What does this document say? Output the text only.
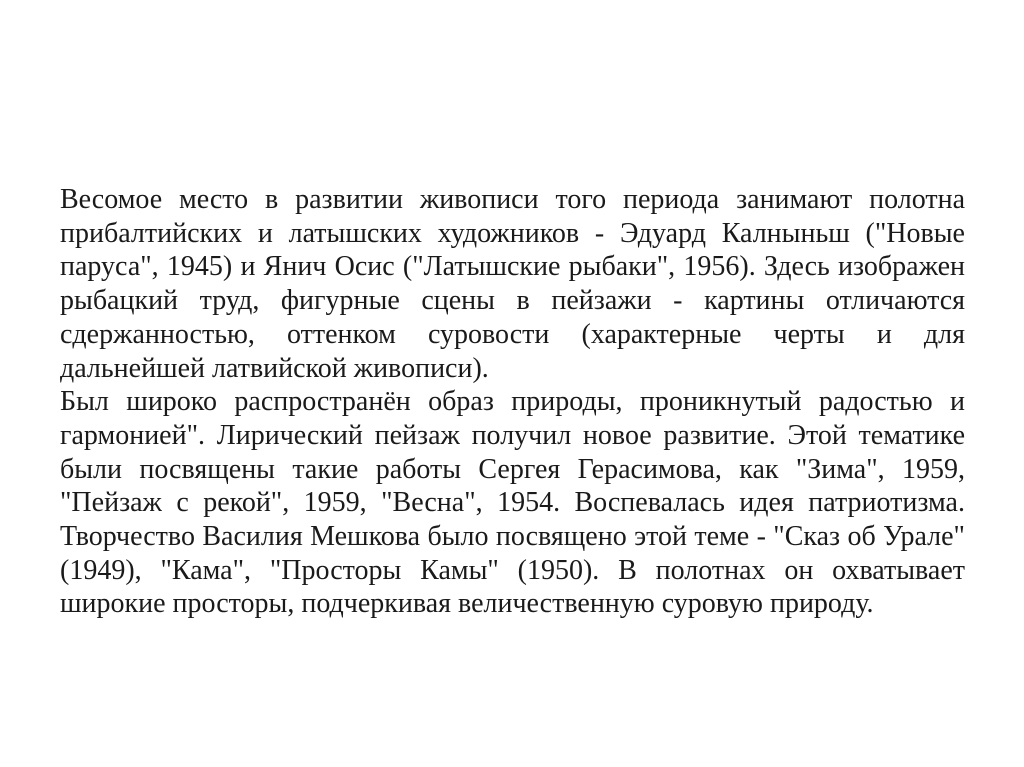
Весомое место в развитии живописи того периода занимают полотна прибалтийских и латышских художников - Эдуард Калныньш ("Новые паруса", 1945) и Янич Осис ("Латышские рыбаки", 1956). Здесь изображен рыбацкий труд, фигурные сцены в пейзажи - картины отличаются сдержанностью, оттенком суровости (характерные черты и для дальнейшей латвийской живописи).

Был широко распространён образ природы, проникнутый радостью и гармонией". Лирический пейзаж получил новое развитие. Этой тематике были посвящены такие работы Сергея Герасимова, как "Зима", 1959, "Пейзаж с рекой", 1959, "Весна", 1954. Воспевалась идея патриотизма. Творчество Василия Мешкова было посвящено этой теме - "Сказ об Урале" (1949), "Кама", "Просторы Камы" (1950). В полотнах он охватывает широкие просторы, подчеркивая величественную суровую природу.
